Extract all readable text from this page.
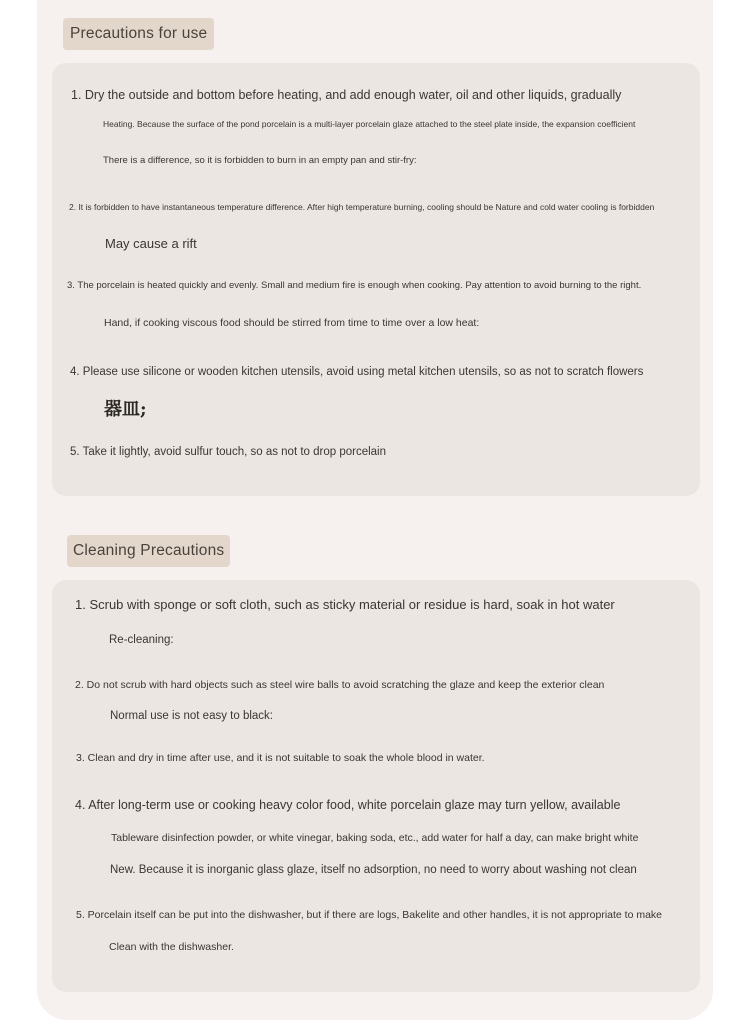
Precautions for use
1. Dry the outside and bottom before heating, and add enough water, oil and other liquids, gradually
Heating. Because the surface of the pond porcelain is a multi-layer porcelain glaze attached to the steel plate inside, the expansion coefficient
There is a difference, so it is forbidden to burn in an empty pan and stir-fry:
2. It is forbidden to have instantaneous temperature difference. After high temperature burning, cooling should be Nature and cold water cooling is forbidden
May cause a rift
3. The porcelain is heated quickly and evenly. Small and medium fire is enough when cooking. Pay attention to avoid burning to the right.
Hand, if cooking viscous food should be stirred from time to time over a low heat:
4. Please use silicone or wooden kitchen utensils, avoid using metal kitchen utensils, so as not to scratch flowers
器皿;
5. Take it lightly, avoid sulfur touch, so as not to drop porcelain
Cleaning Precautions
1. Scrub with sponge or soft cloth, such as sticky material or residue is hard, soak in hot water
Re-cleaning:
2. Do not scrub with hard objects such as steel wire balls to avoid scratching the glaze and keep the exterior clean
Normal use is not easy to black:
3. Clean and dry in time after use, and it is not suitable to soak the whole blood in water.
4. After long-term use or cooking heavy color food, white porcelain glaze may turn yellow, available
Tableware disinfection powder, or white vinegar, baking soda, etc., add water for half a day, can make bright white
New. Because it is inorganic glass glaze, itself no adsorption, no need to worry about washing not clean
5. Porcelain itself can be put into the dishwasher, but if there are logs, Bakelite and other handles, it is not appropriate to make
Clean with the dishwasher.
